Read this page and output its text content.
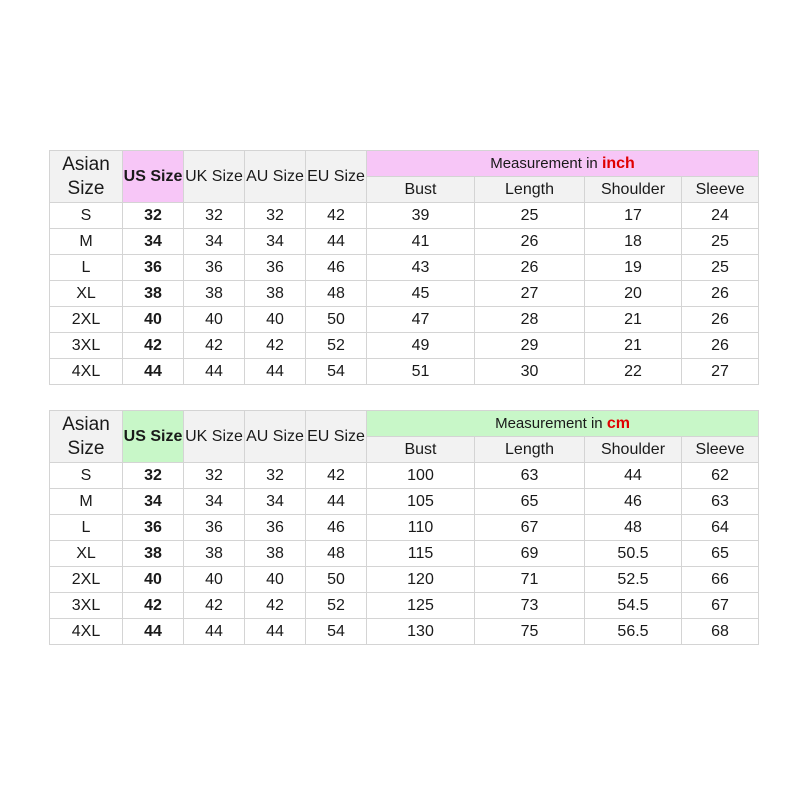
Asian Size	US Size	UK Size	AU Size	EU Size	Measurement in inch			
					Bust	Length	Shoulder	Sleeve
S	32	32	32	42	39	25	17	24
M	34	34	34	44	41	26	18	25
L	36	36	36	46	43	26	19	25
XL	38	38	38	48	45	27	20	26
2XL	40	40	40	50	47	28	21	26
3XL	42	42	42	52	49	29	21	26
4XL	44	44	44	54	51	30	22	27
Asian Size	US Size	UK Size	AU Size	EU Size	Measurement in cm			
					Bust	Length	Shoulder	Sleeve
S	32	32	32	42	100	63	44	62
M	34	34	34	44	105	65	46	63
L	36	36	36	46	110	67	48	64
XL	38	38	38	48	115	69	50.5	65
2XL	40	40	40	50	120	71	52.5	66
3XL	42	42	42	52	125	73	54.5	67
4XL	44	44	44	54	130	75	56.5	68
